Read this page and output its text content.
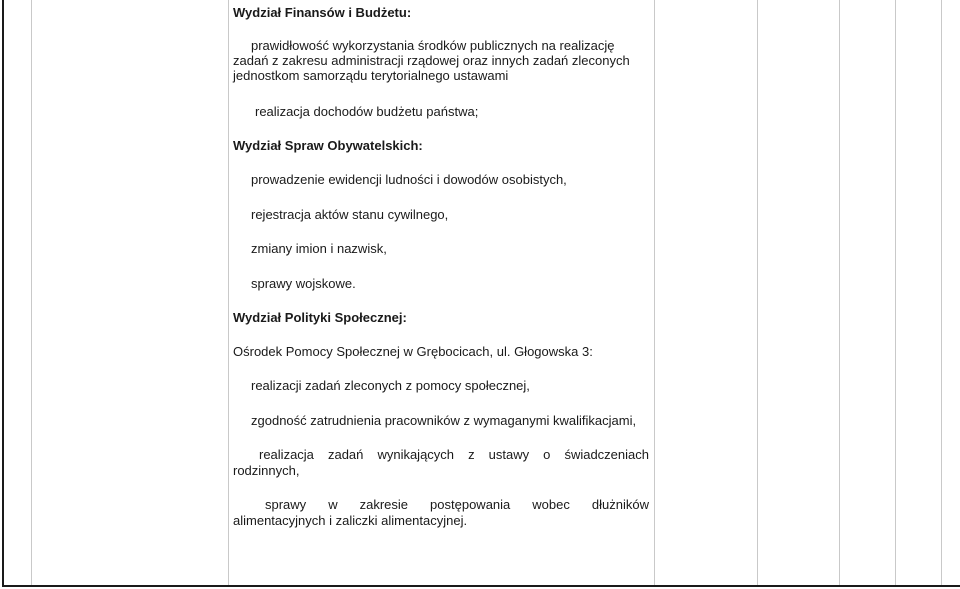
Wydział Finansów i Budżetu:
prawidłowość wykorzystania środków publicznych na realizację
zadań z zakresu administracji rządowej oraz innych zadań zleconych
jednostkom samorządu terytorialnego ustawami
realizacja dochodów budżetu państwa;
Wydział Spraw Obywatelskich:
prowadzenie ewidencji ludności i dowodów osobistych,
rejestracja aktów stanu cywilnego,
zmiany imion i nazwisk,
sprawy wojskowe.
Wydział Polityki Społecznej:
Ośrodek Pomocy Społecznej w Grębocicach, ul. Głogowska 3:
realizacji zadań zleconych z pomocy społecznej,
zgodność zatrudnienia pracowników z wymaganymi kwalifikacjami,
realizacja zadań wynikających z ustawy o świadczeniach
rodzinnych,
sprawy w zakresie postępowania wobec dłużników
alimentacyjnych i zaliczki alimentacyjnej.
